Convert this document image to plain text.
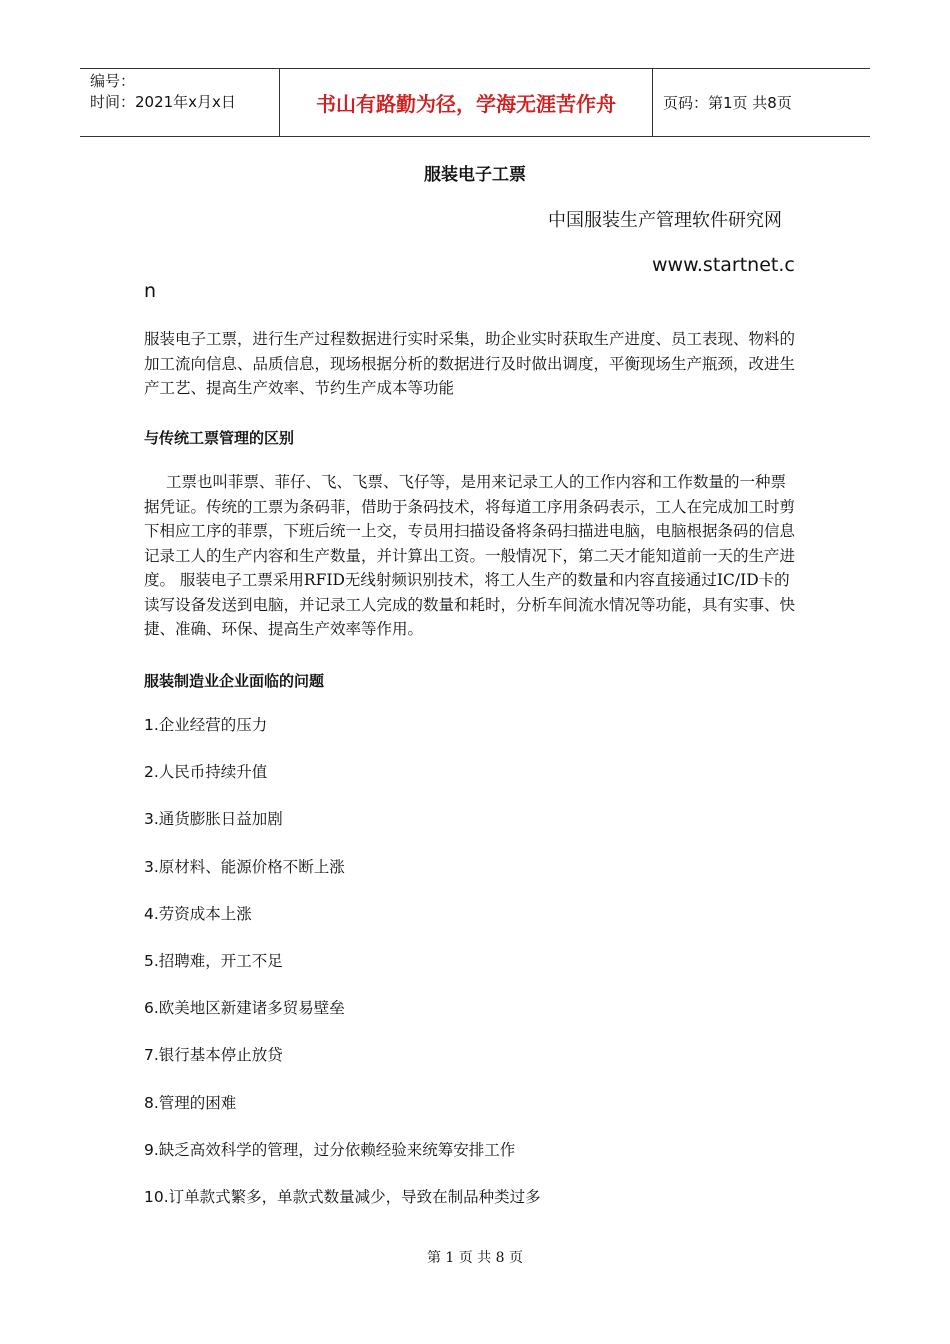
编号：
时间：2021年x月x日	书山有路勤为径，学海无涯苦作舟	页码：第1页 共8页
服装电子工票
中国服装生产管理软件研究网
www.startnet.c
n

服装电子工票，进行生产过程数据进行实时采集，助企业实时获取生产进度、员工表现、物料的加工流向信息、品质信息，现场根据分析的数据进行及时做出调度，平衡现场生产瓶颈，改进生产工艺、提高生产效率、节约生产成本等功能

与传统工票管理的区别

工票也叫菲票、菲仔、飞、飞票、飞仔等，是用来记录工人的工作内容和工作数量的一种票据凭证。传统的工票为条码菲，借助于条码技术，将每道工序用条码表示，工人在完成加工时剪下相应工序的菲票，下班后统一上交，专员用扫描设备将条码扫描进电脑，电脑根据条码的信息记录工人的生产内容和生产数量，并计算出工资。一般情况下，第二天才能知道前一天的生产进度。 服装电子工票采用RFID无线射频识别技术，将工人生产的数量和内容直接通过IC/ID卡的读写设备发送到电脑，并记录工人完成的数量和耗时，分析车间流水情况等功能，具有实事、快捷、准确、环保、提高生产效率等作用。

服装制造业企业面临的问题
1.企业经营的压力
2.人民币持续升值
3.通货膨胀日益加剧
3.原材料、能源价格不断上涨
4.劳资成本上涨
5.招聘难，开工不足
6.欧美地区新建诸多贸易壁垒
7.银行基本停止放贷
8.管理的困难
9.缺乏高效科学的管理，过分依赖经验来统筹安排工作
10.订单款式繁多，单款式数量减少，导致在制品种类过多
第 1 页 共 8 页
